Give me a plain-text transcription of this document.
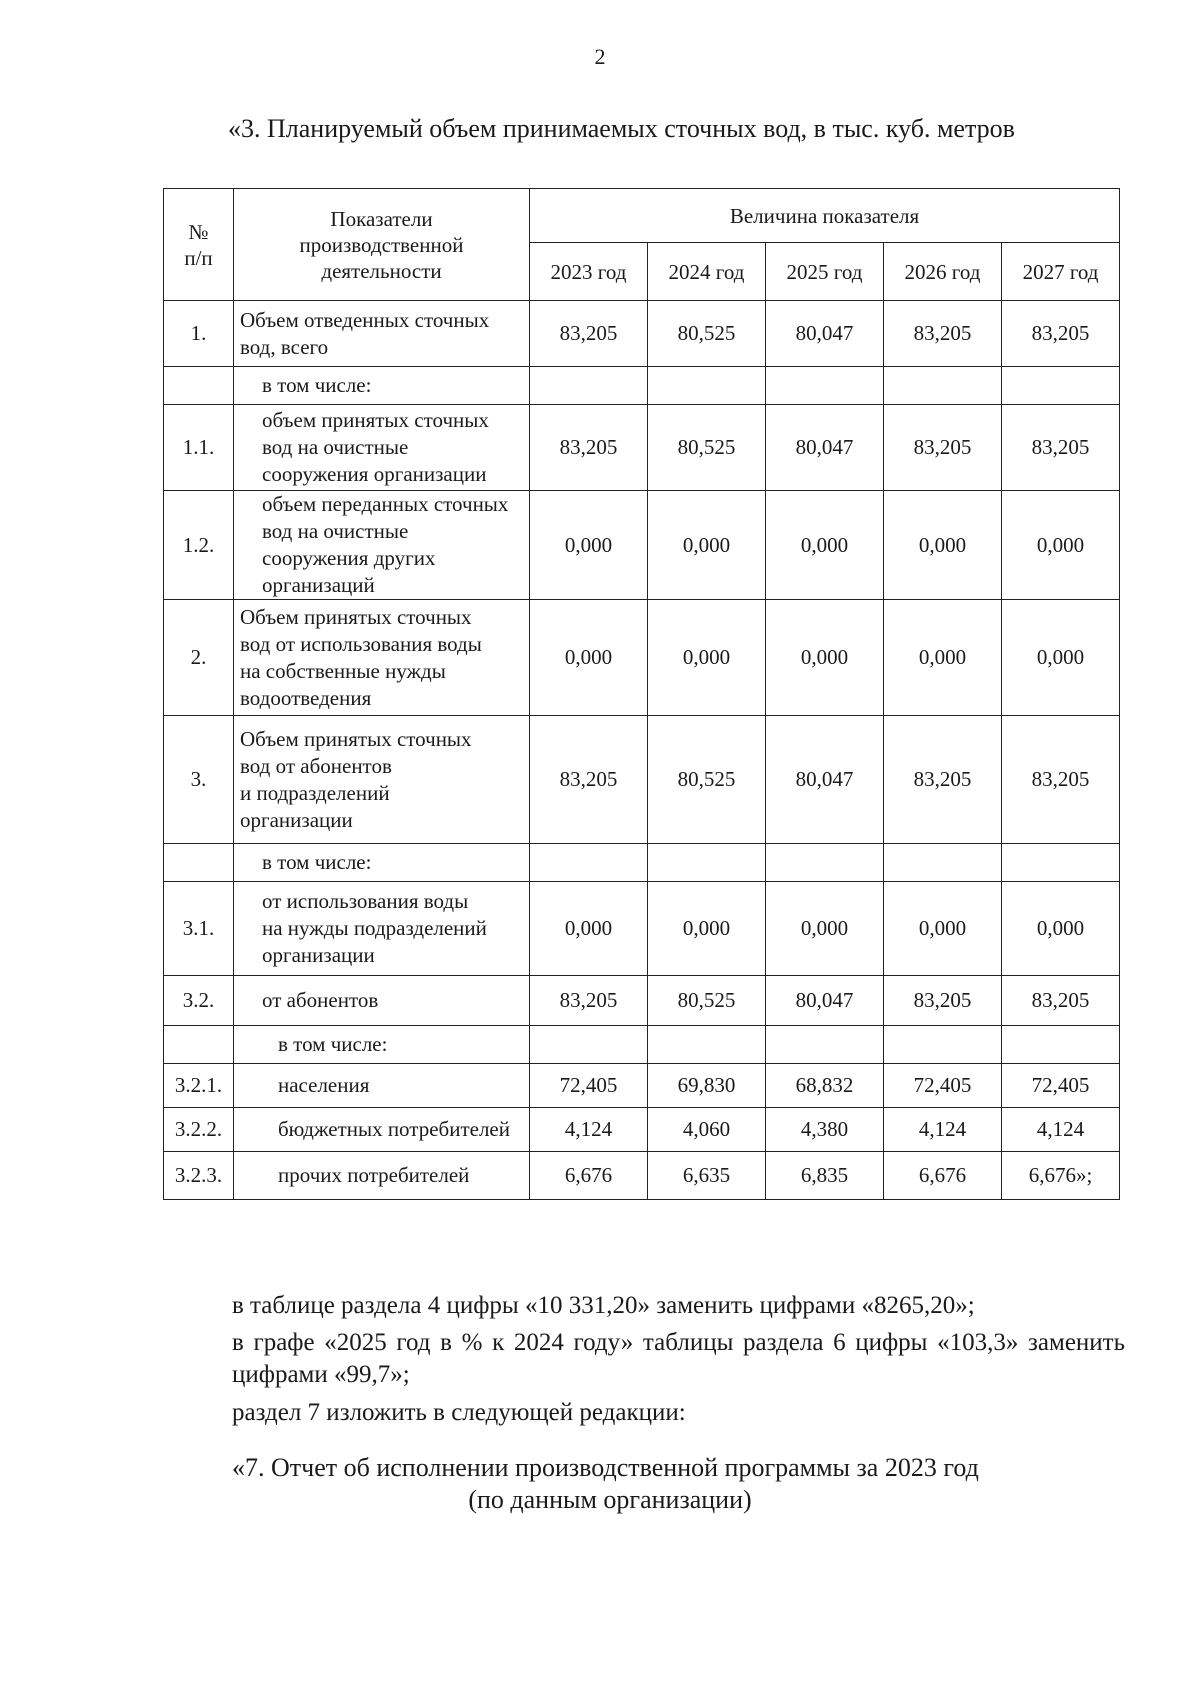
2
«3. Планируемый объем принимаемых сточных вод, в тыс. куб. метров
№
п/п	Показатели
производственной
деятельности	Величина показателя				
		2023 год	2024 год	2025 год	2026 год	2027 год
1.	Объем отведенных сточных
вод, всего	83,205	80,525	80,047	83,205	83,205
	в том числе:					
1.1.	объем принятых сточных
вод на очистные
сооружения организации	83,205	80,525	80,047	83,205	83,205
1.2.	объем переданных сточных
вод на очистные
сооружения других
организаций	0,000	0,000	0,000	0,000	0,000
2.	Объем принятых сточных
вод от использования воды
на собственные нужды
водоотведения	0,000	0,000	0,000	0,000	0,000
3.	Объем принятых сточных
вод от абонентов
и подразделений
организации	83,205	80,525	80,047	83,205	83,205
	в том числе:					
3.1.	от использования воды
на нужды подразделений
организации	0,000	0,000	0,000	0,000	0,000
3.2.	от абонентов	83,205	80,525	80,047	83,205	83,205
	в том числе:					
3.2.1.	населения	72,405	69,830	68,832	72,405	72,405
3.2.2.	бюджетных потребителей	4,124	4,060	4,380	4,124	4,124
3.2.3.	прочих потребителей	6,676	6,635	6,835	6,676	6,676»;
в таблице раздела 4 цифры «10 331,20» заменить цифрами «8265,20»;
в графе «2025 год в % к 2024 году» таблицы раздела 6 цифры «103,3» заменить цифрами «99,7»;
раздел 7 изложить в следующей редакции:
«7. Отчет об исполнении производственной программы за 2023 год
(по данным организации)
